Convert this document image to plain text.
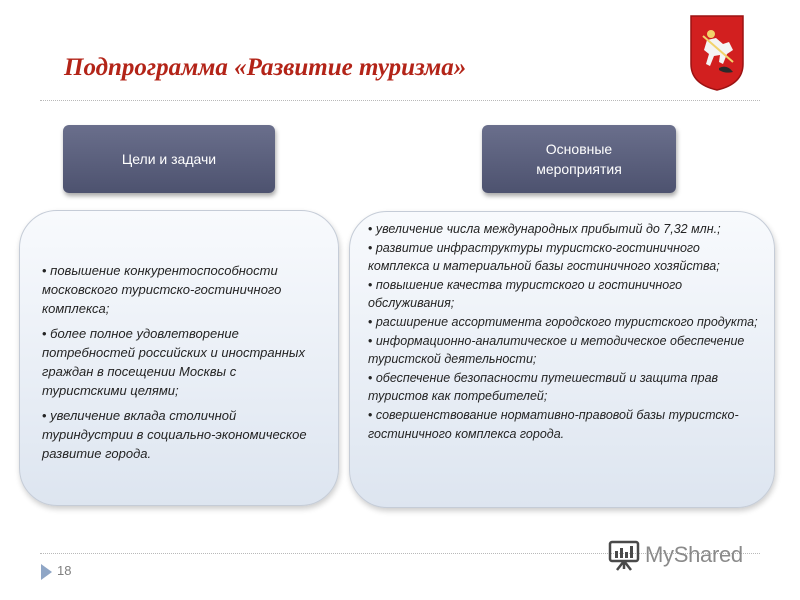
Подпрограмма «Развитие туризма»
Цели и задачи
Основные
мероприятия
• повышение конкурентоспособности московского туристско-гостиничного комплекса;
• более полное удовлетворение потребностей российских и иностранных граждан в посещении Москвы с туристскими целями;
• увеличение вклада столичной туриндустрии в социально-экономическое развитие города.
• увеличение числа международных прибытий до 7,32 млн.;
• развитие инфраструктуры туристско-гостиничного комплекса и материальной базы гостиничного хозяйства;
• повышение качества туристского и гостиничного обслуживания;
• расширение ассортимента городского туристского продукта;
• информационно-аналитическое и методическое обеспечение туристской деятельности;
• обеспечение безопасности путешествий и защита прав туристов как потребителей;
• совершенствование нормативно-правовой базы туристско-гостиничного комплекса города.
18
MyShared
